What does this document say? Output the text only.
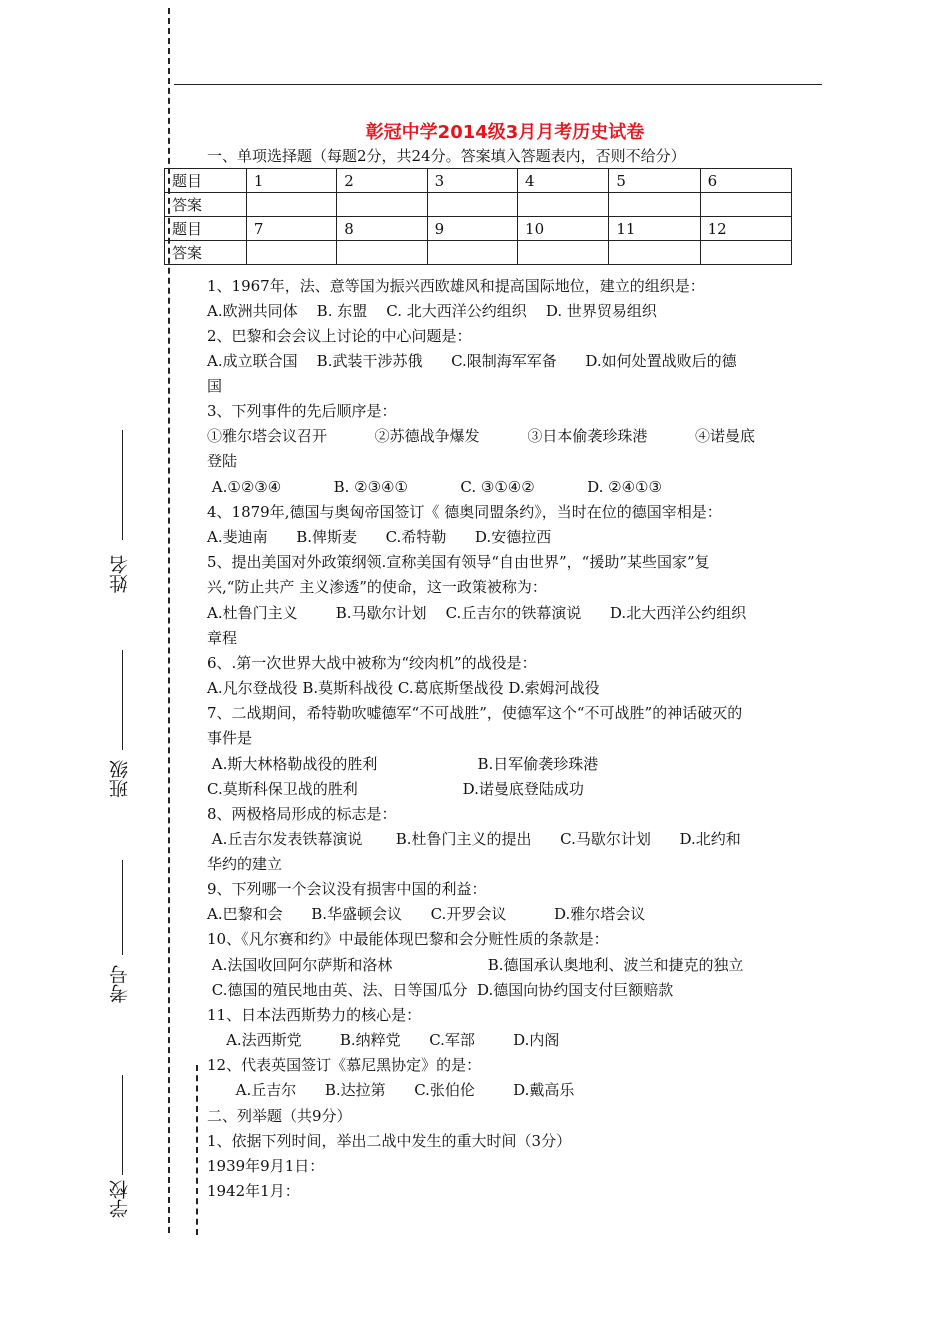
姓名
班级
考号
学校
彰冠中学2014级3月月考历史试卷
一、单项选择题（每题2分，共24分。答案填入答题表内，否则不给分）
题目	1	2	3	4	5	6
答案						
题目	7	8	9	10	11	12
答案						
1、1967年，法、意等国为振兴西欧雄风和提高国际地位，建立的组织是：
A.欧洲共同体    B. 东盟    C. 北大西洋公约组织    D. 世界贸易组织
2、巴黎和会会议上讨论的中心问题是：
A.成立联合国    B.武装干涉苏俄      C.限制海军军备      D.如何处置战败后的德
国
3、下列事件的先后顺序是：
①雅尔塔会议召开          ②苏德战争爆发          ③日本偷袭珍珠港          ④诺曼底
登陆
A.①②③④           B. ②③④①           C. ③①④②           D. ②④①③
4、1879年,德国与奥匈帝国签订《 德奥同盟条约》，当时在位的德国宰相是：
A.斐迪南      B.俾斯麦      C.希特勒      D.安德拉西
5、提出美国对外政策纲领.宣称美国有领导“自由世界”，“援助”某些国家”复
兴,“防止共产 主义渗透”的使命，这一政策被称为：
A.杜鲁门主义        B.马歇尔计划    C.丘吉尔的铁幕演说      D.北大西洋公约组织
章程
6、.第一次世界大战中被称为“绞肉机”的战役是：
A.凡尔登战役 B.莫斯科战役 C.葛底斯堡战役 D.索姆河战役
7、二战期间，希特勒吹嘘德军“不可战胜”，使德军这个“不可战胜”的神话破灭的
事件是
A.斯大林格勒战役的胜利                     B.日军偷袭珍珠港
C.莫斯科保卫战的胜利                      D.诺曼底登陆成功
8、两极格局形成的标志是：
A.丘吉尔发表铁幕演说       B.杜鲁门主义的提出      C.马歇尔计划      D.北约和
华约的建立
9、下列哪一个会议没有损害中国的利益：
A.巴黎和会      B.华盛顿会议      C.开罗会议          D.雅尔塔会议
10、《凡尔赛和约》中最能体现巴黎和会分赃性质的条款是：
A.法国收回阿尔萨斯和洛林                    B.德国承认奥地利、波兰和捷克的独立
C.德国的殖民地由英、法、日等国瓜分  D.德国向协约国支付巨额赔款
11、日本法西斯势力的核心是：
A.法西斯党        B.纳粹党      C.军部        D.内阁
12、代表英国签订《慕尼黑协定》的是：
A.丘吉尔      B.达拉第      C.张伯伦        D.戴高乐
二、列举题（共9分）
1、依据下列时间，举出二战中发生的重大时间（3分）
1939年9月1日：
1942年1月：
